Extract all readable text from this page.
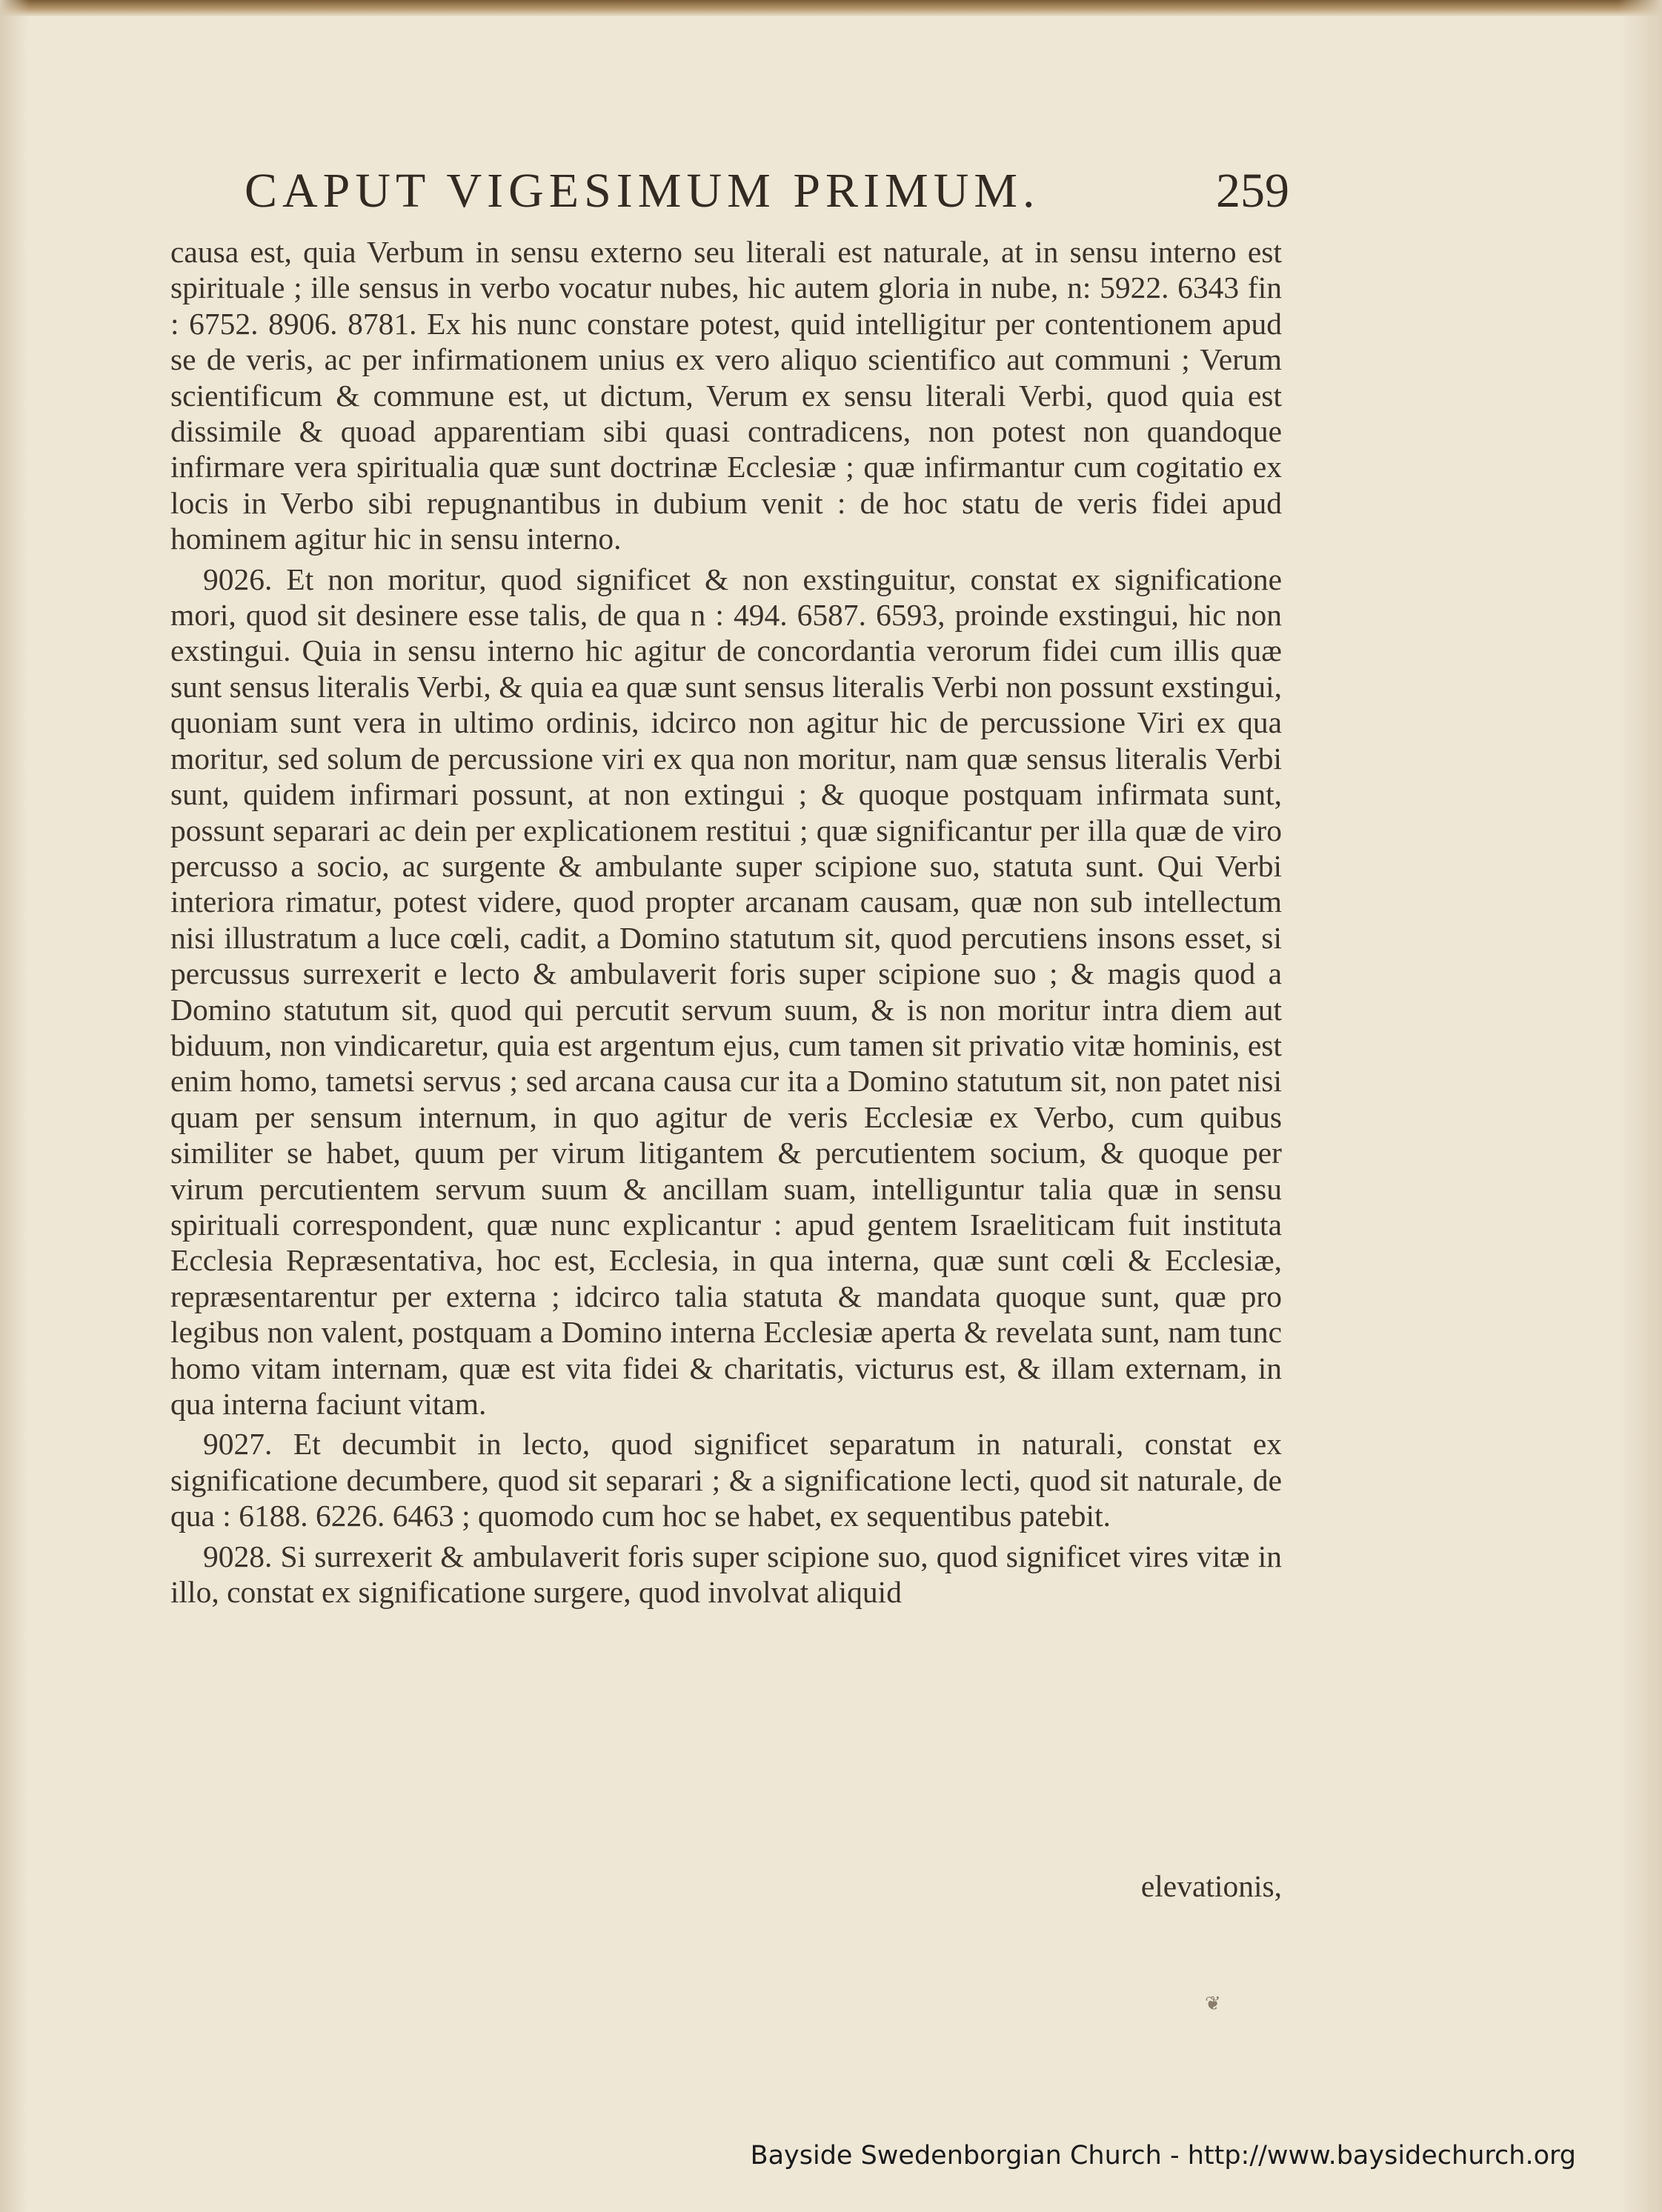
CAPUT VIGESIMUM PRIMUM.	259

causa est, quia Verbum in sensu externo seu literali est naturale, at in sensu interno est spirituale ; ille sensus in verbo vocatur nubes, hic autem gloria in nube, n: 5922. 6343 fin : 6752. 8906. 8781. Ex his nunc constare potest, quid intelligitur per contentionem apud se de veris, ac per infirmationem unius ex vero aliquo scientifico aut communi ; Verum scientificum & commune est, ut dictum, Verum ex sensu literali Verbi, quod quia est dissimile & quoad apparentiam sibi quasi contradicens, non potest non quandoque infirmare vera spiritualia quæ sunt doctrinæ Ecclesiæ ; quæ infirmantur cum cogitatio ex locis in Verbo sibi repugnantibus in dubium venit : de hoc statu de veris fidei apud hominem agitur hic in sensu interno.

9026. Et non moritur, quod significet & non exstinguitur, constat ex significatione mori, quod sit desinere esse talis, de qua n : 494. 6587. 6593, proinde exstingui, hic non exstingui. Quia in sensu interno hic agitur de concordantia verorum fidei cum illis quæ sunt sensus literalis Verbi, & quia ea quæ sunt sensus literalis Verbi non possunt exstingui, quoniam sunt vera in ultimo ordinis, idcirco non agitur hic de percussione Viri ex qua moritur, sed solum de percussione viri ex qua non moritur, nam quæ sensus literalis Verbi sunt, quidem infirmari possunt, at non extingui ; & quoque postquam infirmata sunt, possunt separari ac dein per explicationem restitui ; quæ significantur per illa quæ de viro percusso a socio, ac surgente & ambulante super scipione suo, statuta sunt. Qui Verbi interiora rimatur, potest videre, quod propter arcanam causam, quæ non sub intellectum nisi illustratum a luce cœli, cadit, a Domino statutum sit, quod percutiens insons esset, si percussus surrexerit e lecto & ambulaverit foris super scipione suo ; & magis quod a Domino statutum sit, quod qui percutit servum suum, & is non moritur intra diem aut biduum, non vindicaretur, quia est argentum ejus, cum tamen sit privatio vitæ hominis, est enim homo, tametsi servus ; sed arcana causa cur ita a Domino statutum sit, non patet nisi quam per sensum internum, in quo agitur de veris Ecclesiæ ex Verbo, cum quibus similiter se habet, quum per virum litigantem & percutientem socium, & quoque per virum percutientem servum suum & ancillam suam, intelliguntur talia quæ in sensu spirituali correspondent, quæ nunc explicantur : apud gentem Israeliticam fuit instituta Ecclesia Repræsentativa, hoc est, Ecclesia, in qua interna, quæ sunt cœli & Ecclesiæ, repræsentarentur per externa ; idcirco talia statuta & mandata quoque sunt, quæ pro legibus non valent, postquam a Domino interna Ecclesiæ aperta & revelata sunt, nam tunc homo vitam internam, quæ est vita fidei & charitatis, victurus est, & illam externam, in qua interna faciunt vitam.

9027. Et decumbit in lecto, quod significet separatum in naturali, constat ex significatione decumbere, quod sit separari ; & a significatione lecti, quod sit naturale, de qua : 6188. 6226. 6463 ; quomodo cum hoc se habet, ex sequentibus patebit.

9028. Si surrexerit & ambulaverit foris super scipione suo, quod significet vires vitæ in illo, constat ex significatione surgere, quod involvat aliquid

elevationis,
❦
Bayside Swedenborgian Church - http://www.baysidechurch.org
